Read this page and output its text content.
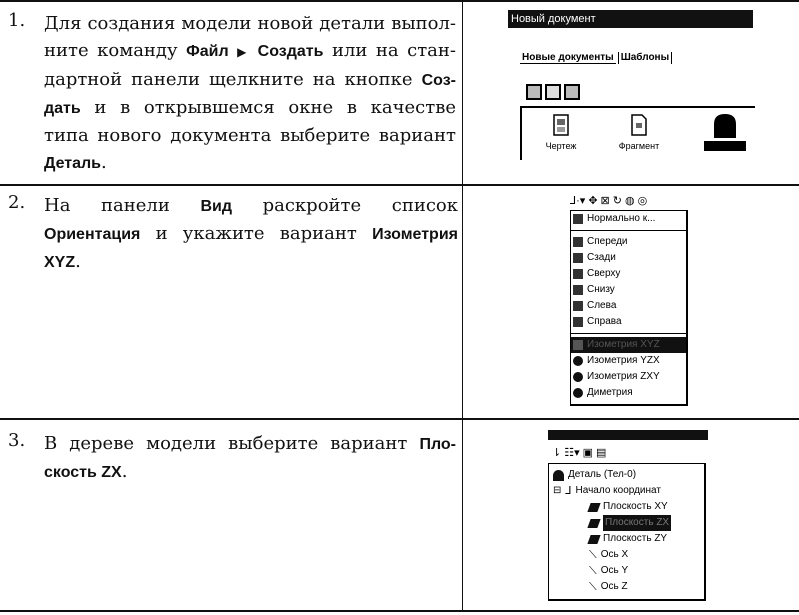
1. Для создания модели новой детали выпол-ните команду Файл ▶ Создать или на стан-дартной панели щелкните на кнопке Соз-дать и в открывшемся окне в качестве типа нового документа выберите вариант Деталь.
Новый документ
Новые документы Шаблоны
Чертеж	Фрагмент	Деталь
2. На панели Вид раскройте список Ориентация и укажите вариант Изометрия XYZ.
⅃·▾ ✥ ⊠ ↻ ◍ ◎
Нормально к...
Спереди
Сзади
Сверху
Снизу
Слева
Справа
Изометрия XYZ
Изометрия YZX
Изометрия ZXY
Диметрия
3. В дереве модели выберите вариант Пло-скость ZX.
⇂ ☷▾ ▣ ▤
Деталь (Тел-0)
⊟ ⅃ Начало координат
Плоскость XY
Плоскость ZX
Плоскость ZY
⟍ Ось X
⟍ Ось Y
⟍ Ось Z
